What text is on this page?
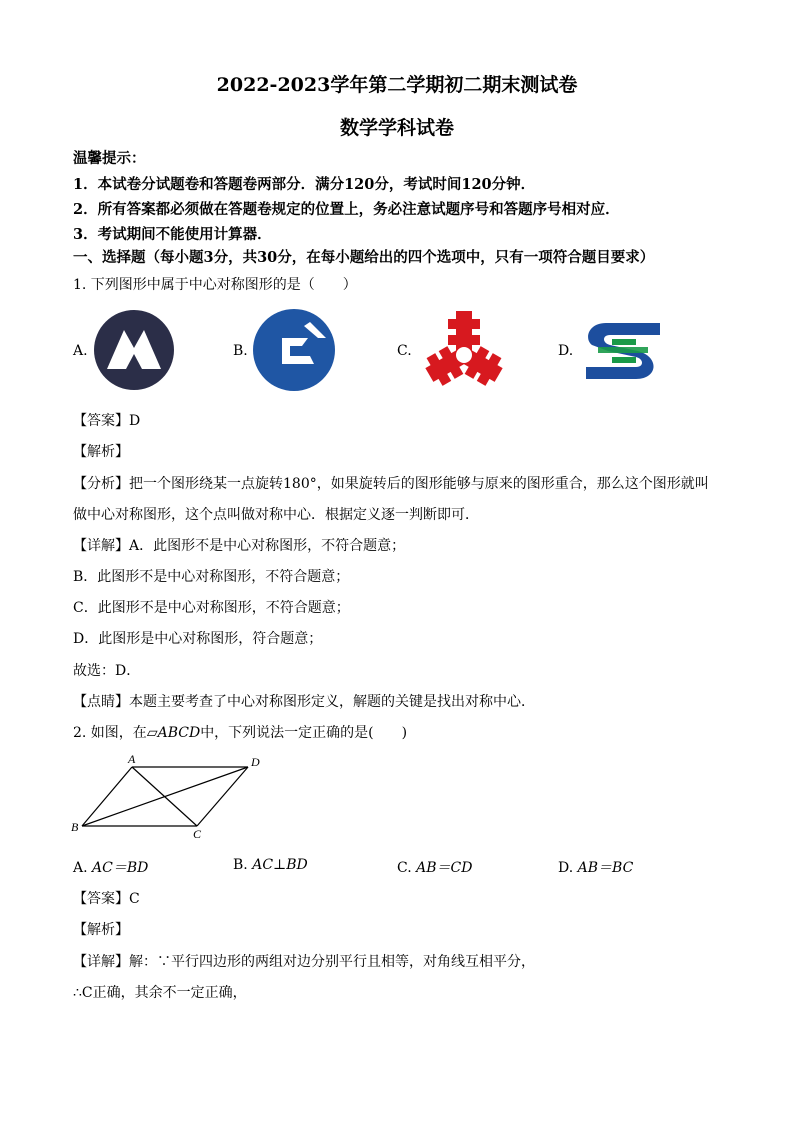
2022-2023学年第二学期初二期末测试卷
数学学科试卷
温馨提示：
1．本试卷分试题卷和答题卷两部分．满分120分，考试时间120分钟．
2．所有答案都必须做在答题卷规定的位置上，务必注意试题序号和答题序号相对应．
3．考试期间不能使用计算器．
一、选择题（每小题3分，共30分，在每小题给出的四个选项中，只有一项符合题目要求）
1. 下列图形中属于中心对称图形的是（　　）
A.	B.	C.	D.
【答案】D
【解析】
【分析】把一个图形绕某一点旋转180°，如果旋转后的图形能够与原来的图形重合，那么这个图形就叫
做中心对称图形，这个点叫做对称中心．根据定义逐一判断即可．
【详解】A．此图形不是中心对称图形，不符合题意；
B．此图形不是中心对称图形，不符合题意；
C．此图形不是中心对称图形，不符合题意；
D．此图形是中心对称图形，符合题意；
故选：D．
【点睛】本题主要考查了中心对称图形定义，解题的关键是找出对称中心．
2. 如图，在▱ABCD中，下列说法一定正确的是(　　)
A	D
B	C
A. AC＝BD	B. AC⊥BD	C. AB＝CD	D. AB＝BC
【答案】C
【解析】
【详解】解：∵平行四边形的两组对边分别平行且相等，对角线互相平分，
∴C正确，其余不一定正确，
